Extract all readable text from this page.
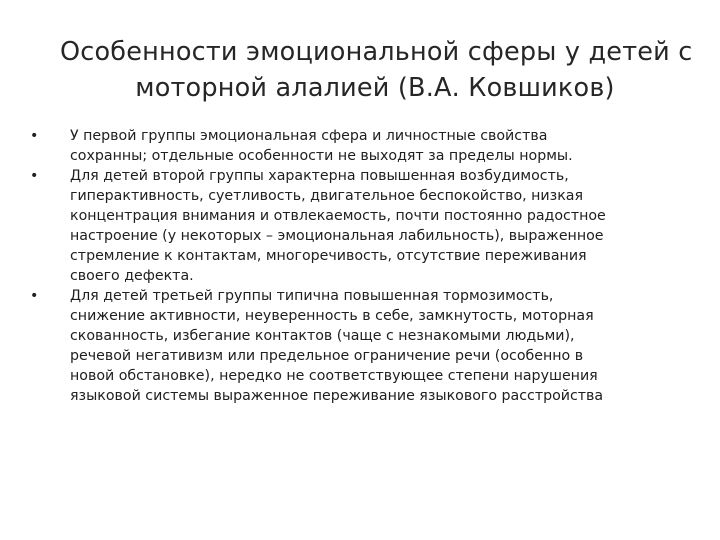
Особенности эмоциональной сферы у детей с
моторной алалией (В.А. Ковшиков)
•	У первой группы эмоциональная сфера и личностные свойства
сохранны; отдельные особенности не выходят за пределы нормы.
•	Для детей второй группы характерна повышенная возбудимость,
гиперактивность, суетливость, двигательное беспокойство, низкая
концентрация внимания и отвлекаемость, почти постоянно радостное
настроение (у некоторых – эмоциональная лабильность), выраженное
стремление к контактам, многоречивость, отсутствие переживания
своего дефекта.
•	Для детей третьей группы типична повышенная тормозимость,
снижение активности, неуверенность в себе, замкнутость, моторная
скованность, избегание контактов (чаще с незнакомыми людьми),
речевой негативизм или предельное ограничение речи (особенно в
новой обстановке), нередко не соответствующее степени нарушения
языковой системы выраженное переживание языкового расстройства
